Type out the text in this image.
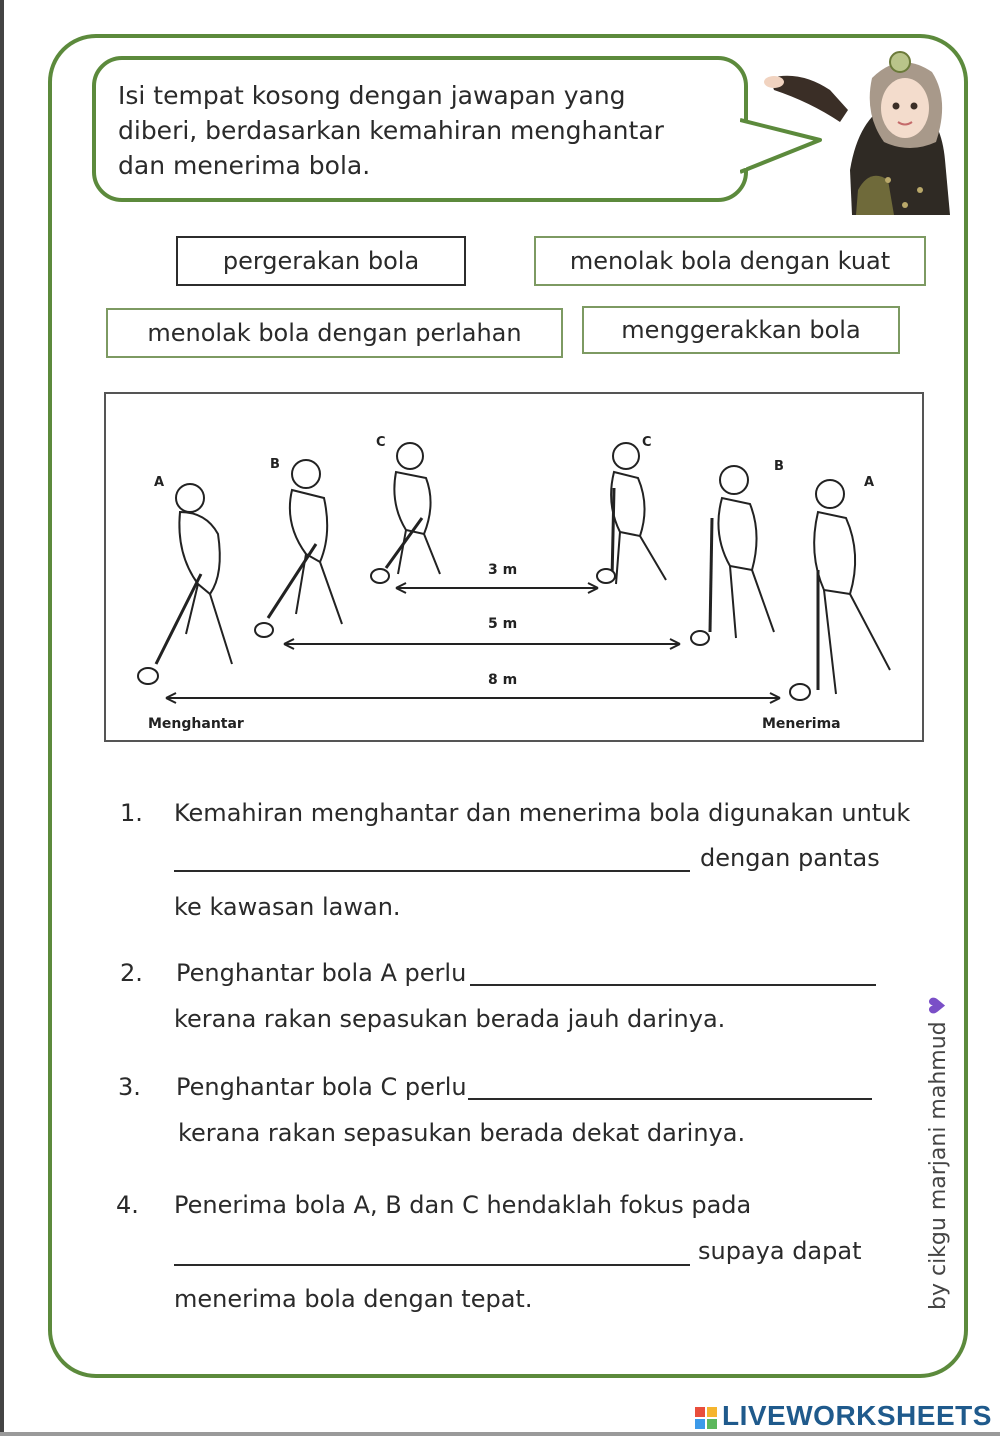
Isi tempat kosong dengan jawapan yang
diberi, berdasarkan kemahiran menghantar
dan menerima bola.
pergerakan bola	menolak bola dengan kuat
menolak bola dengan perlahan	menggerakkan bola
A
B
C	C
B
A
3 m
5 m
8 m
Menghantar	Menerima
1. Kemahiran menghantar dan menerima bola digunakan untuk
dengan pantas
ke kawasan lawan.
2. Penghantar bola A perlu
kerana rakan sepasukan berada jauh darinya.
3. Penghantar bola C perlu
kerana rakan sepasukan berada dekat darinya.
4. Penerima bola A, B dan C hendaklah fokus pada
supaya dapat
menerima bola dengan tepat.	by cikgu marjani mahmud♥
LIVEWORKSHEETS
